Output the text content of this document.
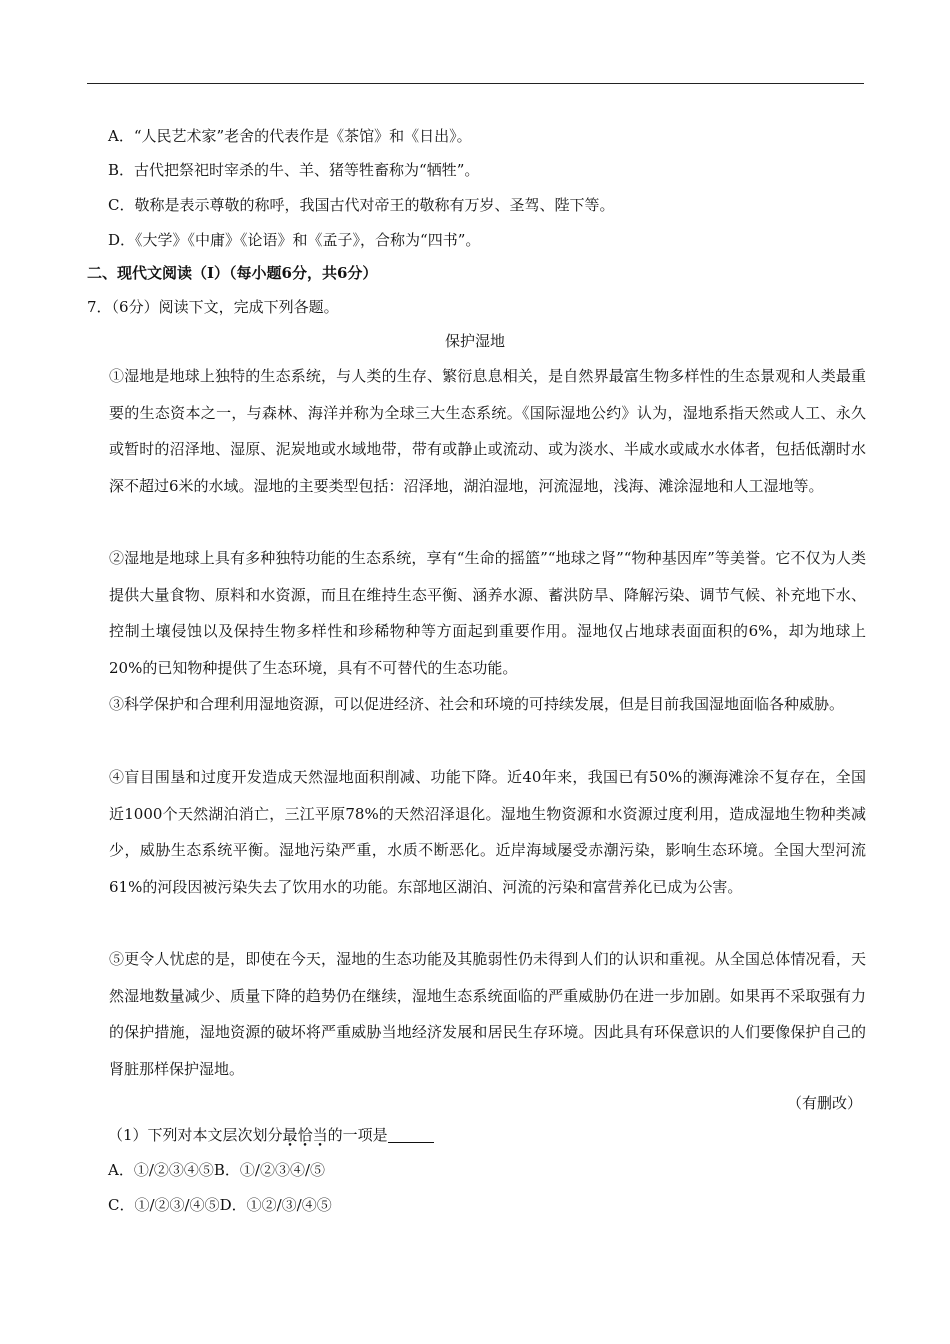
A．“人民艺术家”老舍的代表作是《茶馆》和《日出》。
B．古代把祭祀时宰杀的牛、羊、猪等牲畜称为“牺牲”。
C．敬称是表示尊敬的称呼，我国古代对帝王的敬称有万岁、圣驾、陛下等。
D．《大学》《中庸》《论语》和《孟子》，合称为“四书”。
二、现代文阅读（I）（每小题6分，共6分）
7．（6分）阅读下文，完成下列各题。
保护湿地
①湿地是地球上独特的生态系统，与人类的生存、繁衍息息相关，是自然界最富生物多样性的生态景观和人类最重要的生态资本之一，与森林、海洋并称为全球三大生态系统。《国际湿地公约》认为，湿地系指天然或人工、永久或暂时的沼泽地、湿原、泥炭地或水域地带，带有或静止或流动、或为淡水、半咸水或咸水水体者，包括低潮时水深不超过6米的水域。湿地的主要类型包括：沼泽地，湖泊湿地，河流湿地，浅海、滩涂湿地和人工湿地等。
②湿地是地球上具有多种独特功能的生态系统，享有“生命的摇篮”“地球之肾”“物种基因库”等美誉。它不仅为人类提供大量食物、原料和水资源，而且在维持生态平衡、涵养水源、蓄洪防旱、降解污染、调节气候、补充地下水、控制土壤侵蚀以及保持生物多样性和珍稀物种等方面起到重要作用。湿地仅占地球表面面积的6%，却为地球上20%的已知物种提供了生态环境，具有不可替代的生态功能。
③科学保护和合理利用湿地资源，可以促进经济、社会和环境的可持续发展，但是目前我国湿地面临各种威胁。
④盲目围垦和过度开发造成天然湿地面积削减、功能下降。近40年来，我国已有50%的濒海滩涂不复存在，全国近1000个天然湖泊消亡，三江平原78%的天然沼泽退化。湿地生物资源和水资源过度利用，造成湿地生物种类减少，威胁生态系统平衡。湿地污染严重，水质不断恶化。近岸海域屡受赤潮污染，影响生态环境。全国大型河流61%的河段因被污染失去了饮用水的功能。东部地区湖泊、河流的污染和富营养化已成为公害。
⑤更令人忧虑的是，即使在今天，湿地的生态功能及其脆弱性仍未得到人们的认识和重视。从全国总体情况看，天然湿地数量减少、质量下降的趋势仍在继续，湿地生态系统面临的严重威胁仍在进一步加剧。如果再不采取强有力的保护措施，湿地资源的破坏将严重威胁当地经济发展和居民生存环境。因此具有环保意识的人们要像保护自己的肾脏那样保护湿地。
（有删改）
（1）下列对本文层次划分最恰当的一项是
A．①/②③④⑤B．①/②③④/⑤
C．①/②③/④⑤D．①②/③/④⑤
